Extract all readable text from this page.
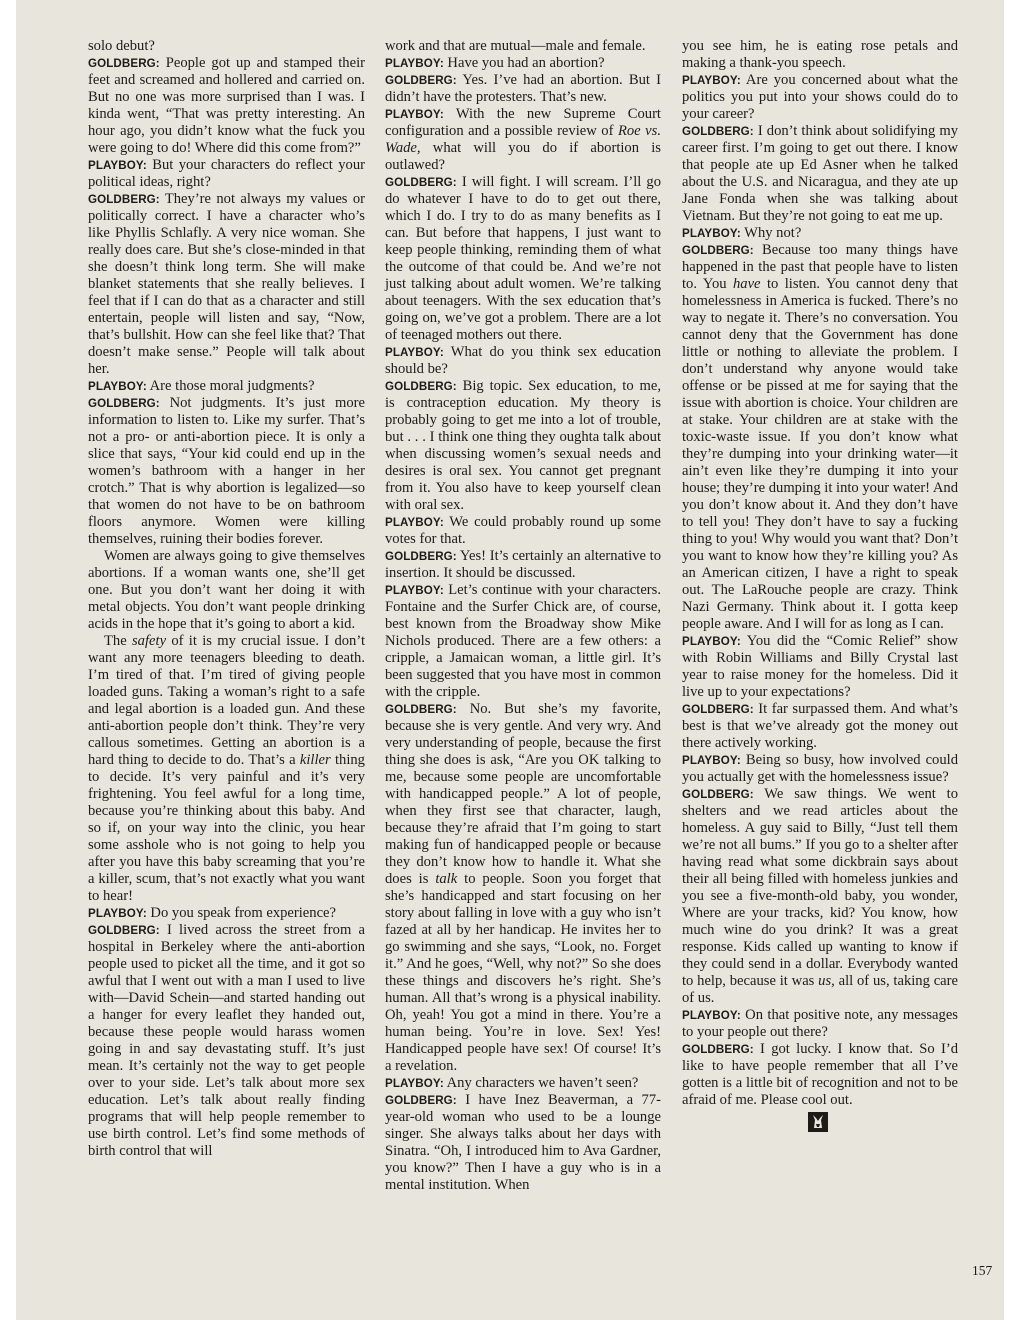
solo debut?

GOLDBERG: People got up and stamped their feet and screamed and hollered and carried on. But no one was more surprised than I was. I kinda went, “That was pretty interesting. An hour ago, you didn’t know what the fuck you were going to do! Where did this come from?”

PLAYBOY: But your characters do reflect your political ideas, right?

GOLDBERG: They’re not always my values or politically correct. I have a character who’s like Phyllis Schlafly. A very nice woman. She really does care. But she’s close-minded in that she doesn’t think long term. She will make blanket statements that she really believes. I feel that if I can do that as a character and still entertain, people will listen and say, “Now, that’s bullshit. How can she feel like that? That doesn’t make sense.” People will talk about her.

PLAYBOY: Are those moral judgments?

GOLDBERG: Not judgments. It’s just more information to listen to. Like my surfer. That’s not a pro- or anti-abortion piece. It is only a slice that says, “Your kid could end up in the women’s bathroom with a hanger in her crotch.” That is why abortion is legalized—so that women do not have to be on bathroom floors anymore. Women were killing themselves, ruining their bodies forever.

Women are always going to give themselves abortions. If a woman wants one, she’ll get one. But you don’t want her doing it with metal objects. You don’t want people drinking acids in the hope that it’s going to abort a kid.

The safety of it is my crucial issue. I don’t want any more teenagers bleeding to death. I’m tired of that. I’m tired of giving people loaded guns. Taking a woman’s right to a safe and legal abortion is a loaded gun. And these anti-abortion people don’t think. They’re very callous sometimes. Getting an abortion is a hard thing to decide to do. That’s a killer thing to decide. It’s very painful and it’s very frightening. You feel awful for a long time, because you’re thinking about this baby. And so if, on your way into the clinic, you hear some asshole who is not going to help you after you have this baby screaming that you’re a killer, scum, that’s not exactly what you want to hear!

PLAYBOY: Do you speak from experience?

GOLDBERG: I lived across the street from a hospital in Berkeley where the anti-abortion people used to picket all the time, and it got so awful that I went out with a man I used to live with—David Schein—and started handing out a hanger for every leaflet they handed out, because these people would harass women going in and say devastating stuff. It’s just mean. It’s certainly not the way to get people over to your side. Let’s talk about more sex education. Let’s talk about really finding programs that will help people remember to use birth control. Let’s find some methods of birth control that will

work and that are mutual—male and female.

PLAYBOY: Have you had an abortion?

GOLDBERG: Yes. I’ve had an abortion. But I didn’t have the protesters. That’s new.

PLAYBOY: With the new Supreme Court configuration and a possible review of Roe vs. Wade, what will you do if abortion is outlawed?

GOLDBERG: I will fight. I will scream. I’ll go do whatever I have to do to get out there, which I do. I try to do as many benefits as I can. But before that happens, I just want to keep people thinking, reminding them of what the outcome of that could be. And we’re not just talking about adult women. We’re talking about teenagers. With the sex education that’s going on, we’ve got a problem. There are a lot of teenaged mothers out there.

PLAYBOY: What do you think sex education should be?

GOLDBERG: Big topic. Sex education, to me, is contraception education. My theory is probably going to get me into a lot of trouble, but . . . I think one thing they oughta talk about when discussing women’s sexual needs and desires is oral sex. You cannot get pregnant from it. You also have to keep yourself clean with oral sex.

PLAYBOY: We could probably round up some votes for that.

GOLDBERG: Yes! It’s certainly an alternative to insertion. It should be discussed.

PLAYBOY: Let’s continue with your characters. Fontaine and the Surfer Chick are, of course, best known from the Broadway show Mike Nichols produced. There are a few others: a cripple, a Jamaican woman, a little girl. It’s been suggested that you have most in common with the cripple.

GOLDBERG: No. But she’s my favorite, because she is very gentle. And very wry. And very understanding of people, because the first thing she does is ask, “Are you OK talking to me, because some people are uncomfortable with handicapped people.” A lot of people, when they first see that character, laugh, because they’re afraid that I’m going to start making fun of handicapped people or because they don’t know how to handle it. What she does is talk to people. Soon you forget that she’s handicapped and start focusing on her story about falling in love with a guy who isn’t fazed at all by her handicap. He invites her to go swimming and she says, “Look, no. Forget it.” And he goes, “Well, why not?” So she does these things and discovers he’s right. She’s human. All that’s wrong is a physical inability. Oh, yeah! You got a mind in there. You’re a human being. You’re in love. Sex! Yes! Handicapped people have sex! Of course! It’s a revelation.

PLAYBOY: Any characters we haven’t seen?

GOLDBERG: I have Inez Beaverman, a 77-year-old woman who used to be a lounge singer. She always talks about her days with Sinatra. “Oh, I introduced him to Ava Gardner, you know?” Then I have a guy who is in a mental institution. When

you see him, he is eating rose petals and making a thank-you speech.

PLAYBOY: Are you concerned about what the politics you put into your shows could do to your career?

GOLDBERG: I don’t think about solidifying my career first. I’m going to get out there. I know that people ate up Ed Asner when he talked about the U.S. and Nicaragua, and they ate up Jane Fonda when she was talking about Vietnam. But they’re not going to eat me up.

PLAYBOY: Why not?

GOLDBERG: Because too many things have happened in the past that people have to listen to. You have to listen. You cannot deny that homelessness in America is fucked. There’s no way to negate it. There’s no conversation. You cannot deny that the Government has done little or nothing to alleviate the problem. I don’t understand why anyone would take offense or be pissed at me for saying that the issue with abortion is choice. Your children are at stake. Your children are at stake with the toxic-waste issue. If you don’t know what they’re dumping into your drinking water—it ain’t even like they’re dumping it into your house; they’re dumping it into your water! And you don’t know about it. And they don’t have to tell you! They don’t have to say a fucking thing to you! Why would you want that? Don’t you want to know how they’re killing you? As an American citizen, I have a right to speak out. The LaRouche people are crazy. Think Nazi Germany. Think about it. I gotta keep people aware. And I will for as long as I can.

PLAYBOY: You did the “Comic Relief” show with Robin Williams and Billy Crystal last year to raise money for the homeless. Did it live up to your expectations?

GOLDBERG: It far surpassed them. And what’s best is that we’ve already got the money out there actively working.

PLAYBOY: Being so busy, how involved could you actually get with the homelessness issue?

GOLDBERG: We saw things. We went to shelters and we read articles about the homeless. A guy said to Billy, “Just tell them we’re not all bums.” If you go to a shelter after having read what some dickbrain says about their all being filled with homeless junkies and you see a five-month-old baby, you wonder, Where are your tracks, kid? You know, how much wine do you drink? It was a great response. Kids called up wanting to know if they could send in a dollar. Everybody wanted to help, because it was us, all of us, taking care of us.

PLAYBOY: On that positive note, any messages to your people out there?

GOLDBERG: I got lucky. I know that. So I’d like to have people remember that all I’ve gotten is a little bit of recognition and not to be afraid of me. Please cool out.

157
